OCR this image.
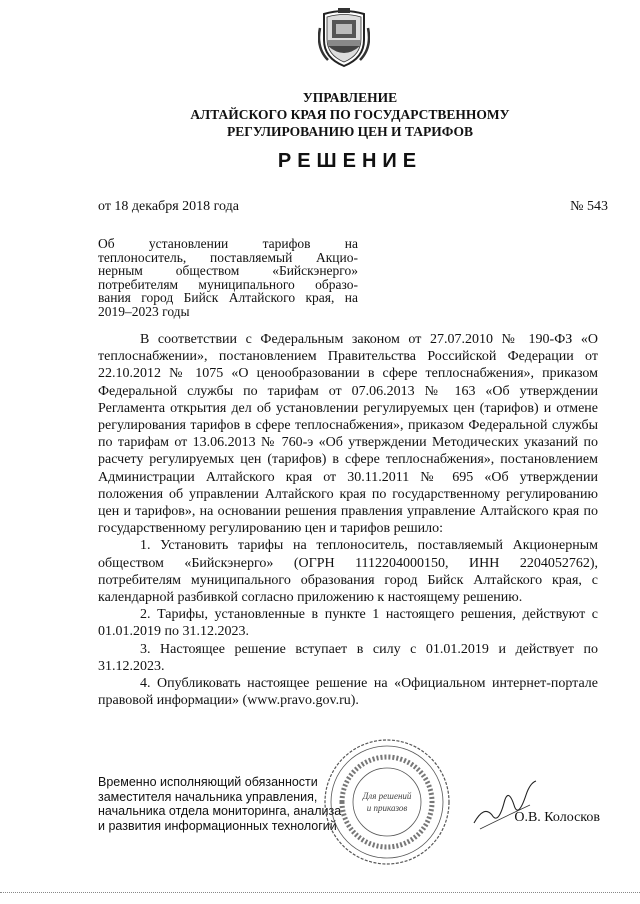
УПРАВЛЕНИЕ
АЛТАЙСКОГО КРАЯ ПО ГОСУДАРСТВЕННОМУ
РЕГУЛИРОВАНИЮ ЦЕН И ТАРИФОВ
РЕШЕНИЕ
от 18 декабря 2018 года	№ 543
Об установлении тарифов на
теплоноситель, поставляемый Акцио-
нерным обществом «Бийскэнерго»
потребителям муниципального образо-
вания город Бийск Алтайского края, на
2019–2023 годы

В соответствии с Федеральным законом от 27.07.2010 № 190-ФЗ «О теплоснабжении», постановлением Правительства Российской Федерации от 22.10.2012 № 1075 «О ценообразовании в сфере теплоснабжения», приказом Федеральной службы по тарифам от 07.06.2013 № 163 «Об утверждении Регламента открытия дел об установлении регулируемых цен (тарифов) и отмене регулирования тарифов в сфере теплоснабжения», приказом Федеральной службы по тарифам от 13.06.2013 № 760-э «Об утверждении Методических указаний по расчету регулируемых цен (тарифов) в сфере теплоснабжения», постановлением Администрации Алтайского края от 30.11.2011 № 695 «Об утверждении положения об управлении Алтайского края по государственному регулированию цен и тарифов», на основании решения правления управление Алтайского края по государственному регулированию цен и тарифов решило:

1. Установить тарифы на теплоноситель, поставляемый Акционерным обществом «Бийскэнерго» (ОГРН 1112204000150, ИНН 2204052762), потребителям муниципального образования город Бийск Алтайского края, с календарной разбивкой согласно приложению к настоящему решению.

2. Тарифы, установленные в пункте 1 настоящего решения, действуют с 01.01.2019 по 31.12.2023.

3. Настоящее решение вступает в силу с 01.01.2019 и действует по 31.12.2023.

4. Опубликовать настоящее решение на «Официальном интернет-портале правовой информации» (www.pravo.gov.ru).

Временно исполняющий обязанности
заместителя начальника управления,
начальника отдела мониторинга, анализа
и развития информационных технологий
Для решений
и приказов
О.В. Колосков
